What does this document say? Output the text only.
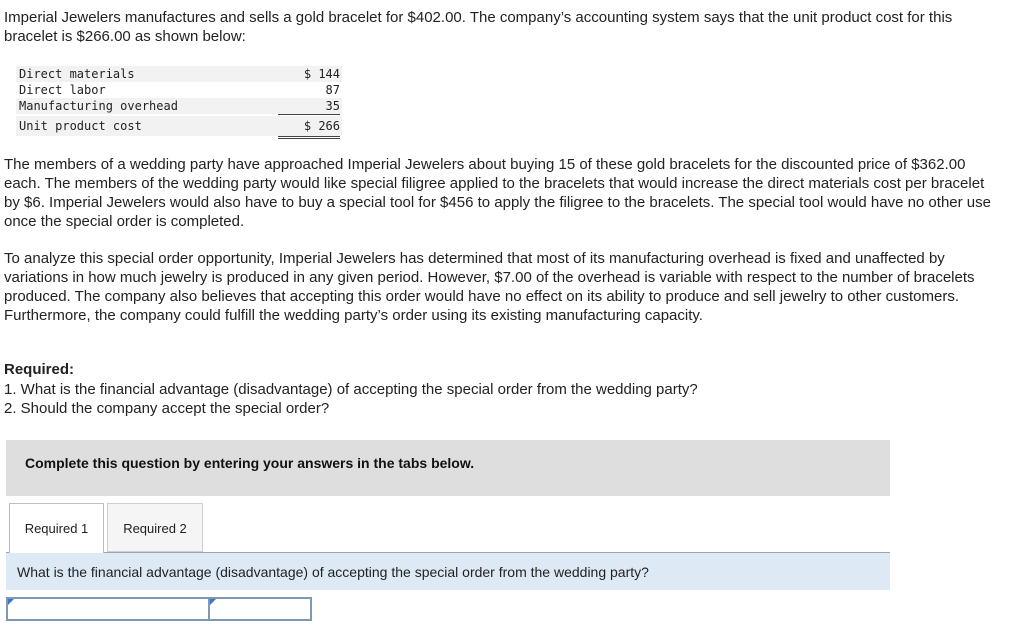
Imperial Jewelers manufactures and sells a gold bracelet for $402.00. The company’s accounting system says that the unit product cost for this bracelet is $266.00 as shown below:

Direct materials	$ 144
Direct labor	87
Manufacturing overhead	35
Unit product cost	$ 266

The members of a wedding party have approached Imperial Jewelers about buying 15 of these gold bracelets for the discounted price of $362.00 each. The members of the wedding party would like special filigree applied to the bracelets that would increase the direct materials cost per bracelet by $6. Imperial Jewelers would also have to buy a special tool for $456 to apply the filigree to the bracelets. The special tool would have no other use once the special order is completed.

To analyze this special order opportunity, Imperial Jewelers has determined that most of its manufacturing overhead is fixed and unaffected by variations in how much jewelry is produced in any given period. However, $7.00 of the overhead is variable with respect to the number of bracelets produced. The company also believes that accepting this order would have no effect on its ability to produce and sell jewelry to other customers. Furthermore, the company could fulfill the wedding party’s order using its existing manufacturing capacity.

Required:

1. What is the financial advantage (disadvantage) of accepting the special order from the wedding party?

2. Should the company accept the special order?

Complete this question by entering your answers in the tabs below.
Required 1	Required 2
What is the financial advantage (disadvantage) of accepting the special order from the wedding party?
